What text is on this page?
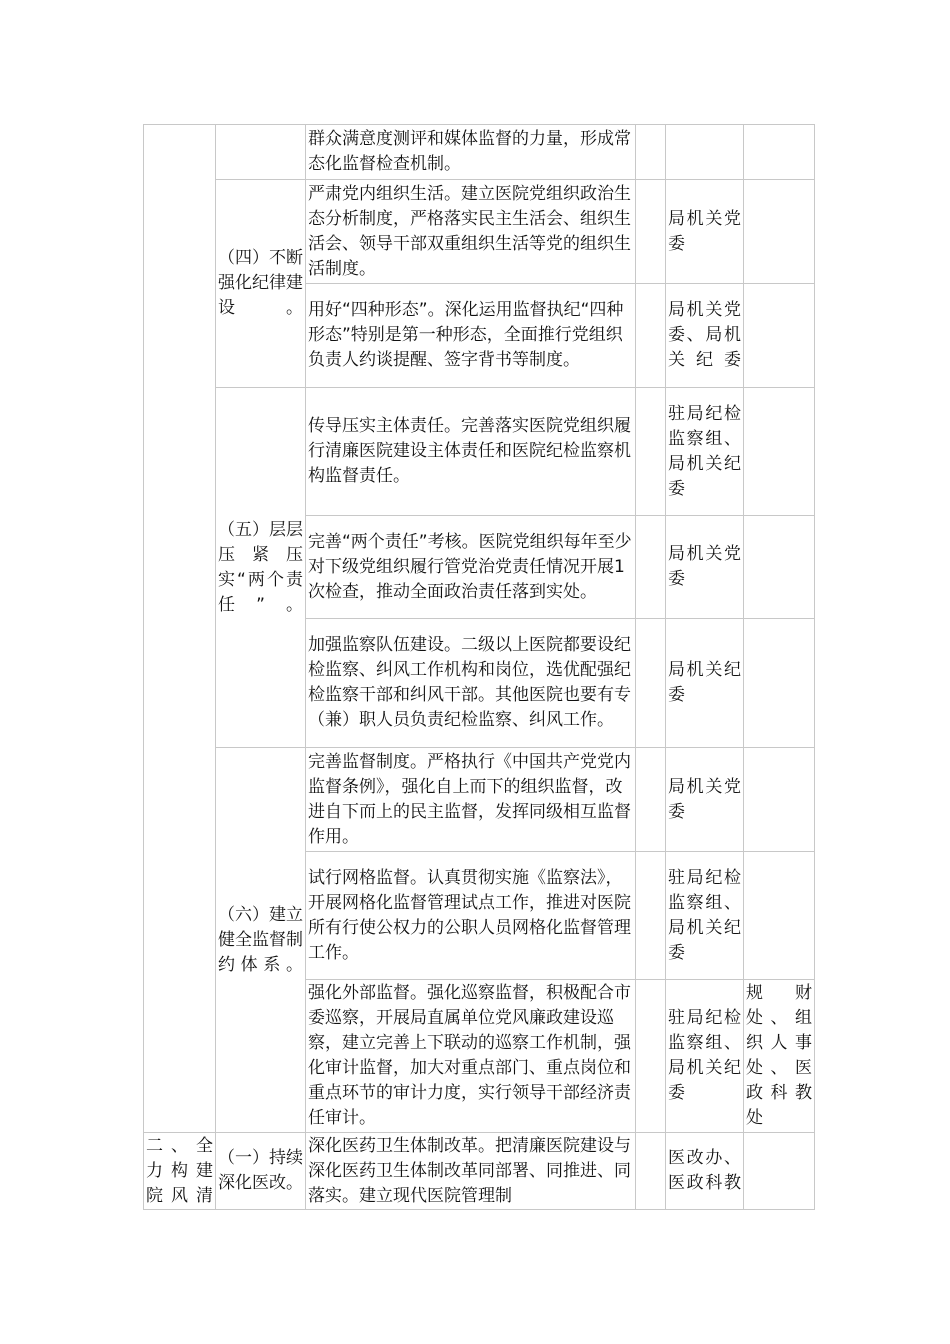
		群众满意度测评和媒体监督的力量，形成常态化监督检查机制。			
	（四）不断强化纪律建设。	严肃党内组织生活。建立医院党组织政治生态分析制度，严格落实民主生活会、组织生活会、领导干部双重组织生活等党的组织生活制度。		局机关党委	
		用好“四种形态”。深化运用监督执纪“四种形态”特别是第一种形态，全面推行党组织负责人约谈提醒、签字背书等制度。		局机关党委、局机关纪委	
	（五）层层压紧压实“两个责任”。	传导压实主体责任。完善落实医院党组织履行清廉医院建设主体责任和医院纪检监察机构监督责任。		驻局纪检监察组、局机关纪委	
		完善“两个责任”考核。医院党组织每年至少对下级党组织履行管党治党责任情况开展1次检查，推动全面政治责任落到实处。		局机关党委	
		加强监察队伍建设。二级以上医院都要设纪检监察、纠风工作机构和岗位，选优配强纪检监察干部和纠风干部。其他医院也要有专（兼）职人员负责纪检监察、纠风工作。		局机关纪委	
	（六）建立健全监督制约体系。	完善监督制度。严格执行《中国共产党党内监督条例》，强化自上而下的组织监督，改进自下而上的民主监督，发挥同级相互监督作用。		局机关党委	
		试行网格监督。认真贯彻实施《监察法》，开展网格化监督管理试点工作，推进对医院所有行使公权力的公职人员网格化监督管理工作。		驻局纪检监察组、局机关纪委	
		强化外部监督。强化巡察监督，积极配合市委巡察，开展局直属单位党风廉政建设巡察，建立完善上下联动的巡察工作机制，强化审计监督，加大对重点部门、重点岗位和重点环节的审计力度，实行领导干部经济责任审计。		驻局纪检监察组、局机关纪委	规财处、组织人事处、医政科教处
二、全力构建院风清	（一）持续深化医改。	深化医药卫生体制改革。把清廉医院建设与深化医药卫生体制改革同部署、同推进、同落实。建立现代医院管理制		医改办、医政科教	
